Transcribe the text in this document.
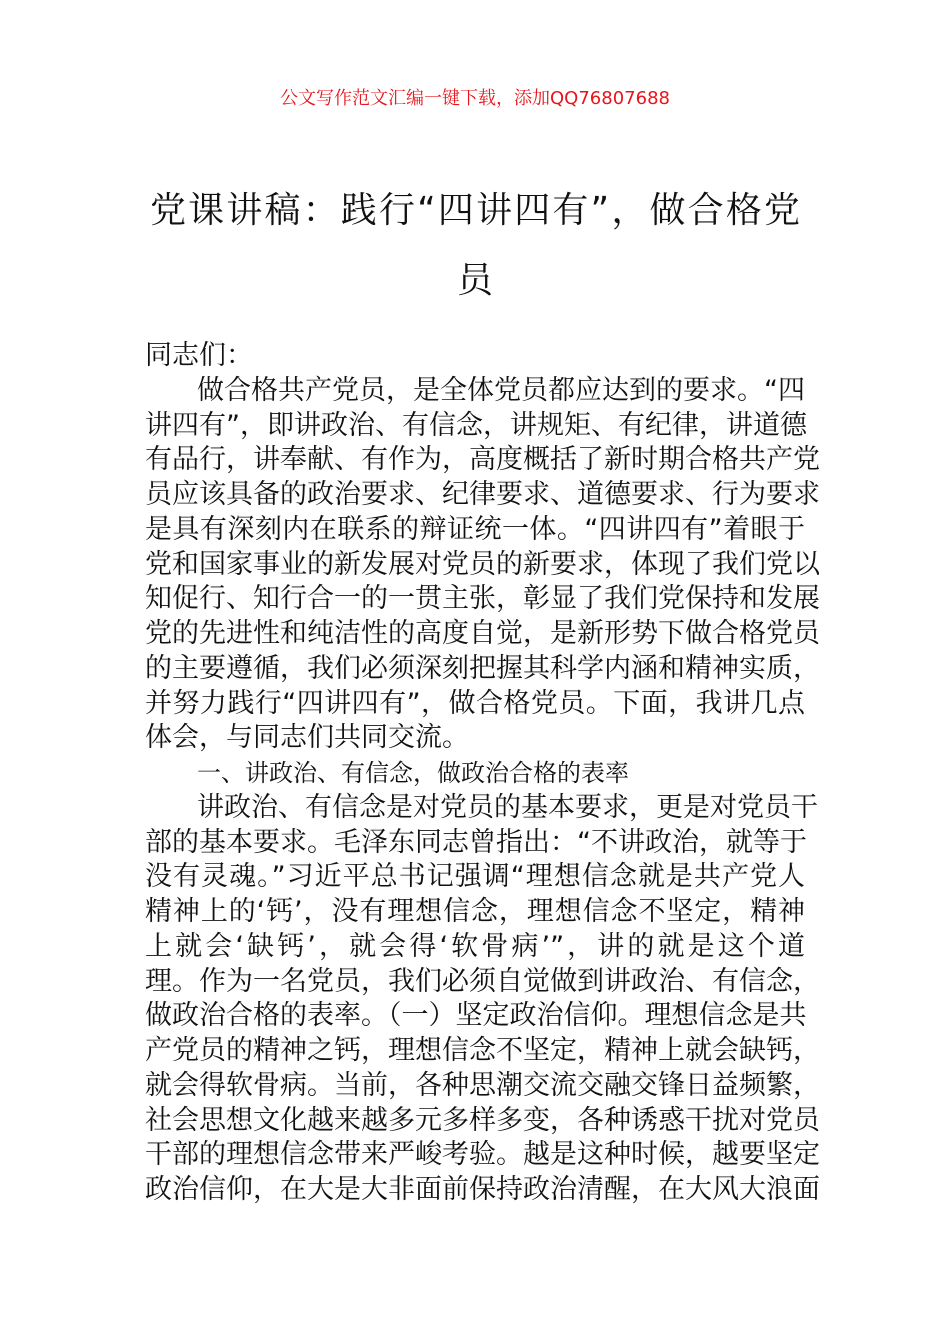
公文写作范文汇编一键下载，添加QQ76807688
党课讲稿：践行“四讲四有”，做合格党
员
同志们：
做合格共产党员，是全体党员都应达到的要求。“四
讲四有”，即讲政治、有信念，讲规矩、有纪律，讲道德
有品行，讲奉献、有作为，高度概括了新时期合格共产党
员应该具备的政治要求、纪律要求、道德要求、行为要求
是具有深刻内在联系的辩证统一体。“四讲四有”着眼于
党和国家事业的新发展对党员的新要求，体现了我们党以
知促行、知行合一的一贯主张，彰显了我们党保持和发展
党的先进性和纯洁性的高度自觉，是新形势下做合格党员
的主要遵循，我们必须深刻把握其科学内涵和精神实质，
并努力践行“四讲四有”，做合格党员。下面，我讲几点
体会，与同志们共同交流。
一、讲政治、有信念，做政治合格的表率
讲政治、有信念是对党员的基本要求，更是对党员干
部的基本要求。毛泽东同志曾指出：“不讲政治，就等于
没有灵魂。”习近平总书记强调“理想信念就是共产党人
精神上的‘钙’，没有理想信念，理想信念不坚定，精神
上就会‘缺钙’，就会得‘软骨病’”，讲的就是这个道
理。作为一名党员，我们必须自觉做到讲政治、有信念，
做政治合格的表率。（一）坚定政治信仰。理想信念是共
产党员的精神之钙，理想信念不坚定，精神上就会缺钙，
就会得软骨病。当前，各种思潮交流交融交锋日益频繁，
社会思想文化越来越多元多样多变，各种诱惑干扰对党员
干部的理想信念带来严峻考验。越是这种时候，越要坚定
政治信仰，在大是大非面前保持政治清醒，在大风大浪面
